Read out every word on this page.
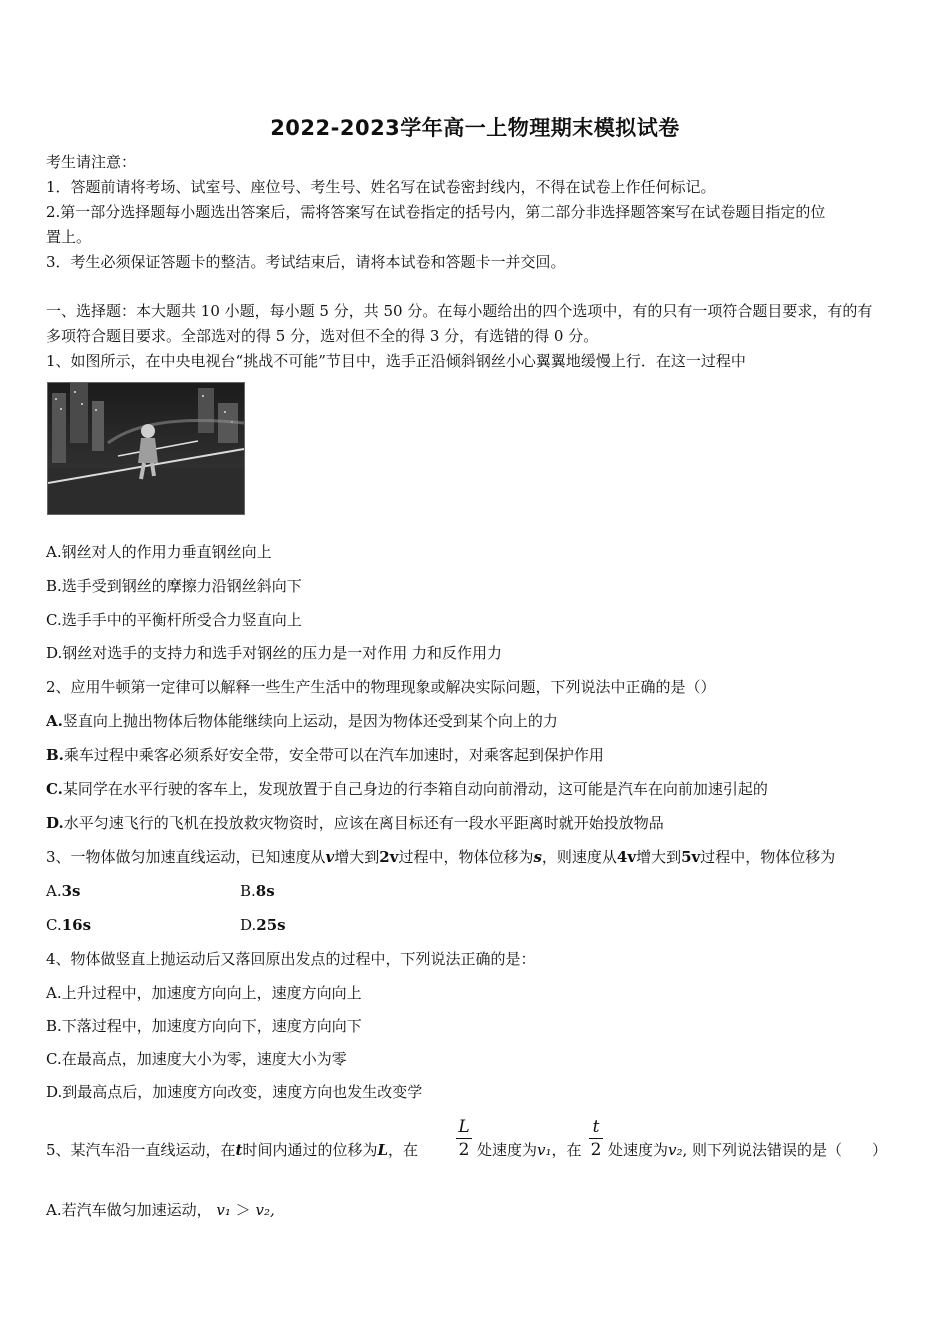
2022-2023学年高一上物理期末模拟试卷
考生请注意：
1．答题前请将考场、试室号、座位号、考生号、姓名写在试卷密封线内，不得在试卷上作任何标记。
2.第一部分选择题每小题选出答案后，需将答案写在试卷指定的括号内，第二部分非选择题答案写在试卷题目指定的位
置上。
3．考生必须保证答题卡的整洁。考试结束后，请将本试卷和答题卡一并交回。
一、选择题：本大题共 10 小题，每小题 5 分，共 50 分。在每小题给出的四个选项中，有的只有一项符合题目要求，有的有
多项符合题目要求。全部选对的得 5 分，选对但不全的得 3 分，有选错的得 0 分。
1、如图所示，在中央电视台“挑战不可能”节目中，选手正沿倾斜钢丝小心翼翼地缓慢上行．在这一过程中
A.钢丝对人的作用力垂直钢丝向上
B.选手受到钢丝的摩擦力沿钢丝斜向下
C.选手手中的平衡杆所受合力竖直向上
D.钢丝对选手的支持力和选手对钢丝的压力是一对作用 力和反作用力
2、应用牛顿第一定律可以解释一些生产生活中的物理现象或解决实际问题，下列说法中正确的是（）
A.竖直向上抛出物体后物体能继续向上运动，是因为物体还受到某个向上的力
B.乘车过程中乘客必须系好安全带，安全带可以在汽车加速时，对乘客起到保护作用
C.某同学在水平行驶的客车上，发现放置于自己身边的行李箱自动向前滑动，这可能是汽车在向前加速引起的
D.水平匀速飞行的飞机在投放救灾物资时，应该在离目标还有一段水平距离时就开始投放物品
3、一物体做匀加速直线运动，已知速度从v增大到2v过程中，物体位移为s，则速度从4v增大到5v过程中，物体位移为
A.3s	B.8s
C.16s	D.25s
4、物体做竖直上抛运动后又落回原出发点的过程中，下列说法正确的是：
A.上升过程中，加速度方向向上，速度方向向上
B.下落过程中，加速度方向向下，速度方向向下
C.在最高点，加速度大小为零，速度大小为零
D.到最高点后，加速度方向改变，速度方向也发生改变学
5、某汽车沿一直线运动，在t时间内通过的位移为L，在
L
2 处速度为v₁，在
t
2 处速度为v₂, 则下列说法错误的是（　　）
A.若汽车做匀加速运动， v₁ ＞ v₂,
